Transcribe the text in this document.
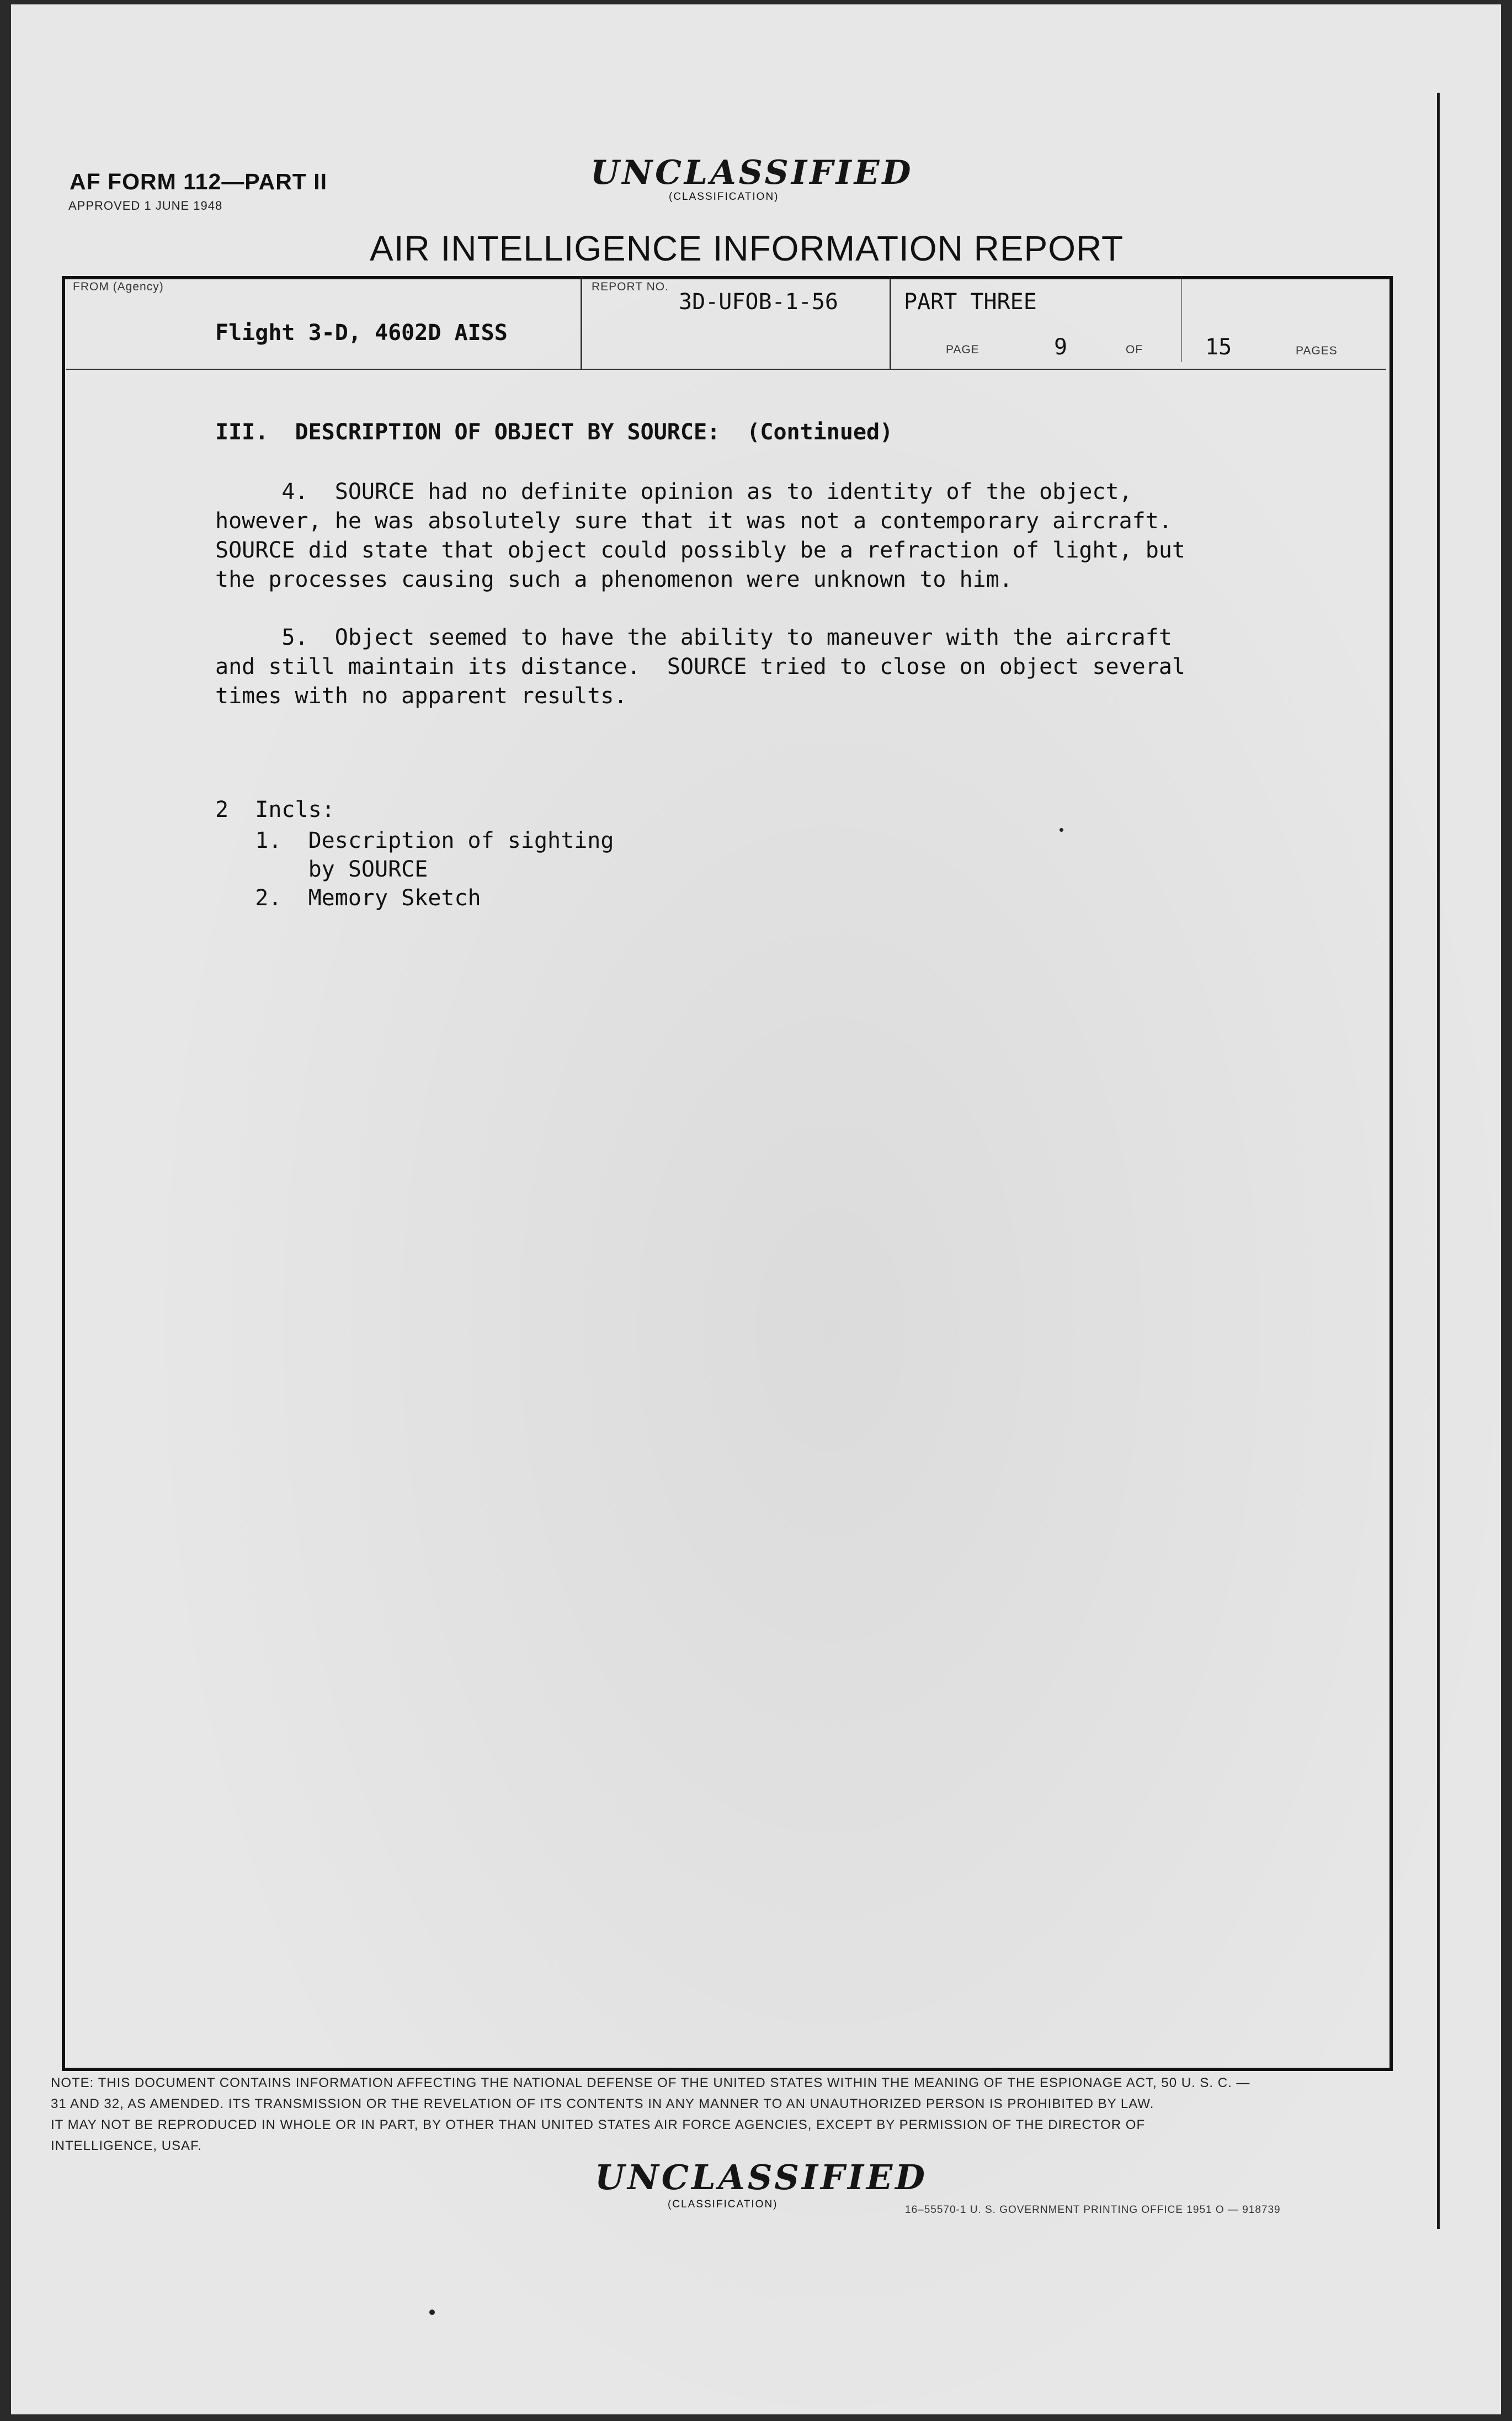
AF FORM 112—PART II
APPROVED 1 JUNE 1948
UNCLASSIFIED
(CLASSIFICATION)
AIR INTELLIGENCE INFORMATION REPORT
FROM (Agency)
Flight 3-D, 4602D AISS
REPORT NO.
3D-UFOB-1-56	PART THREE
PAGE	9	OF	15	PAGES
III.  DESCRIPTION OF OBJECT BY SOURCE:  (Continued)
4.  SOURCE had no definite opinion as to identity of the object,
however, he was absolutely sure that it was not a contemporary aircraft.
SOURCE did state that object could possibly be a refraction of light, but
the processes causing such a phenomenon were unknown to him.
5.  Object seemed to have the ability to maneuver with the aircraft
and still maintain its distance.  SOURCE tried to close on object several
times with no apparent results.
2  Incls:
1.  Description of sighting
by SOURCE
2.  Memory Sketch
NOTE: THIS DOCUMENT CONTAINS INFORMATION AFFECTING THE NATIONAL DEFENSE OF THE UNITED STATES WITHIN THE MEANING OF THE ESPIONAGE ACT, 50 U. S. C. —
31 AND 32, AS AMENDED. ITS TRANSMISSION OR THE REVELATION OF ITS CONTENTS IN ANY MANNER TO AN UNAUTHORIZED PERSON IS PROHIBITED BY LAW.
IT MAY NOT BE REPRODUCED IN WHOLE OR IN PART, BY OTHER THAN UNITED STATES AIR FORCE AGENCIES, EXCEPT BY PERMISSION OF THE DIRECTOR OF
INTELLIGENCE, USAF.
UNCLASSIFIED
(CLASSIFICATION)	16–55570-1 U. S. GOVERNMENT PRINTING OFFICE 1951 O — 918739
